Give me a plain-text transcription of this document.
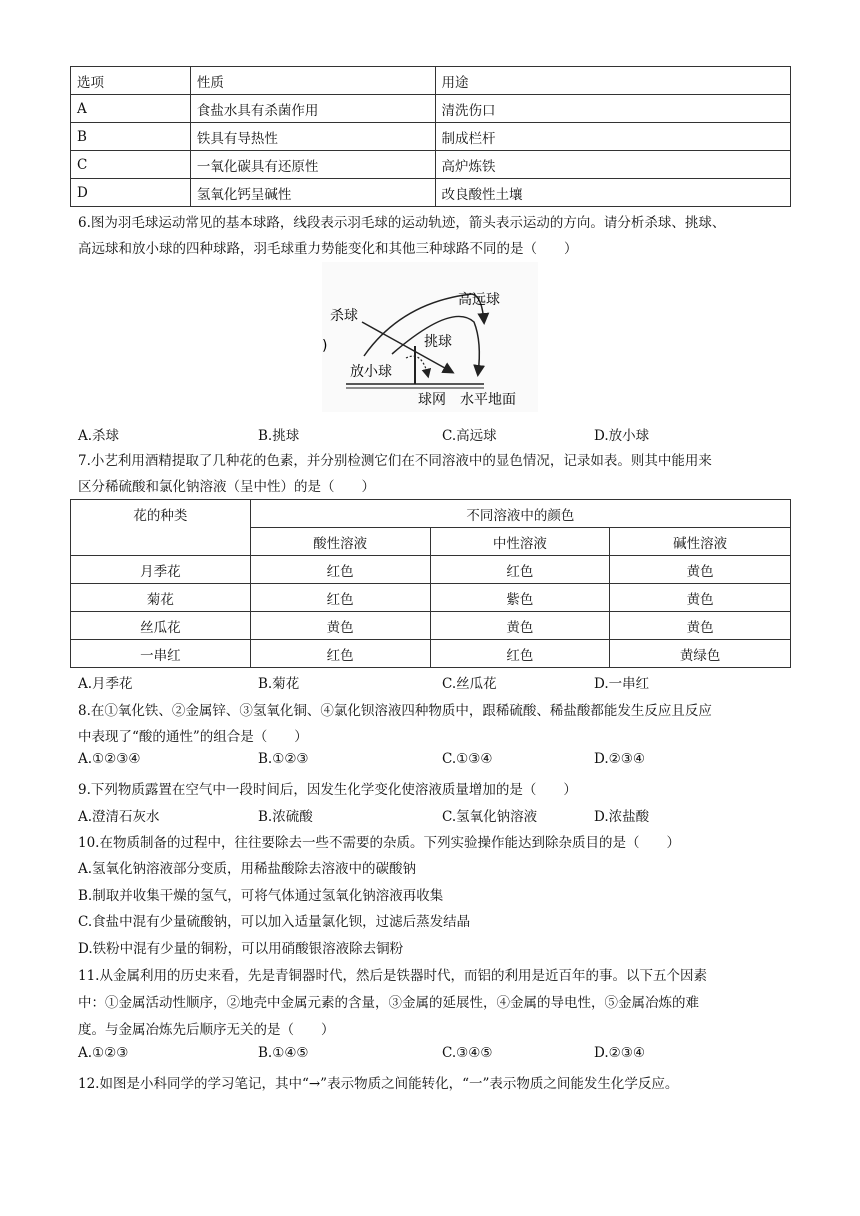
选项	性质	用途
A	食盐水具有杀菌作用	清洗伤口
B	铁具有导热性	制成栏杆
C	一氧化碳具有还原性	高炉炼铁
D	氢氧化钙呈碱性	改良酸性土壤
6.图为羽毛球运动常见的基本球路，线段表示羽毛球的运动轨迹，箭头表示运动的方向。请分析杀球、挑球、
高远球和放小球的四种球路，羽毛球重力势能变化和其他三种球路不同的是（　　）
杀球
高远球
挑球
放小球
球网 水平地面
)
A.杀球	B.挑球	C.高远球	D.放小球
7.小艺利用酒精提取了几种花的色素，并分别检测它们在不同溶液中的显色情况，记录如表。则其中能用来
区分稀硫酸和氯化钠溶液（呈中性）的是（　　）
花的种类	不同溶液中的颜色		
	酸性溶液	中性溶液	碱性溶液
月季花	红色	红色	黄色
菊花	红色	紫色	黄色
丝瓜花	黄色	黄色	黄色
一串红	红色	红色	黄绿色
A.月季花	B.菊花	C.丝瓜花	D.一串红
8.在①氧化铁、②金属锌、③氢氧化铜、④氯化钡溶液四种物质中，跟稀硫酸、稀盐酸都能发生反应且反应
中表现了“酸的通性”的组合是（　　）
A.①②③④	B.①②③	C.①③④	D.②③④
9.下列物质露置在空气中一段时间后，因发生化学变化使溶液质量增加的是（　　）
A.澄清石灰水	B.浓硫酸	C.氢氧化钠溶液	D.浓盐酸
10.在物质制备的过程中，往往要除去一些不需要的杂质。下列实验操作能达到除杂质目的是（　　）
A.氢氧化钠溶液部分变质，用稀盐酸除去溶液中的碳酸钠
B.制取并收集干燥的氢气，可将气体通过氢氧化钠溶液再收集
C.食盐中混有少量硫酸钠，可以加入适量氯化钡，过滤后蒸发结晶
D.铁粉中混有少量的铜粉，可以用硝酸银溶液除去铜粉
11.从金属利用的历史来看，先是青铜器时代，然后是铁器时代，而铝的利用是近百年的事。以下五个因素
中：①金属活动性顺序，②地壳中金属元素的含量，③金属的延展性，④金属的导电性，⑤金属冶炼的难
度。与金属冶炼先后顺序无关的是（　　）
A.①②③	B.①④⑤	C.③④⑤	D.②③④
12.如图是小科同学的学习笔记，其中“→”表示物质之间能转化，“一”表示物质之间能发生化学反应。
